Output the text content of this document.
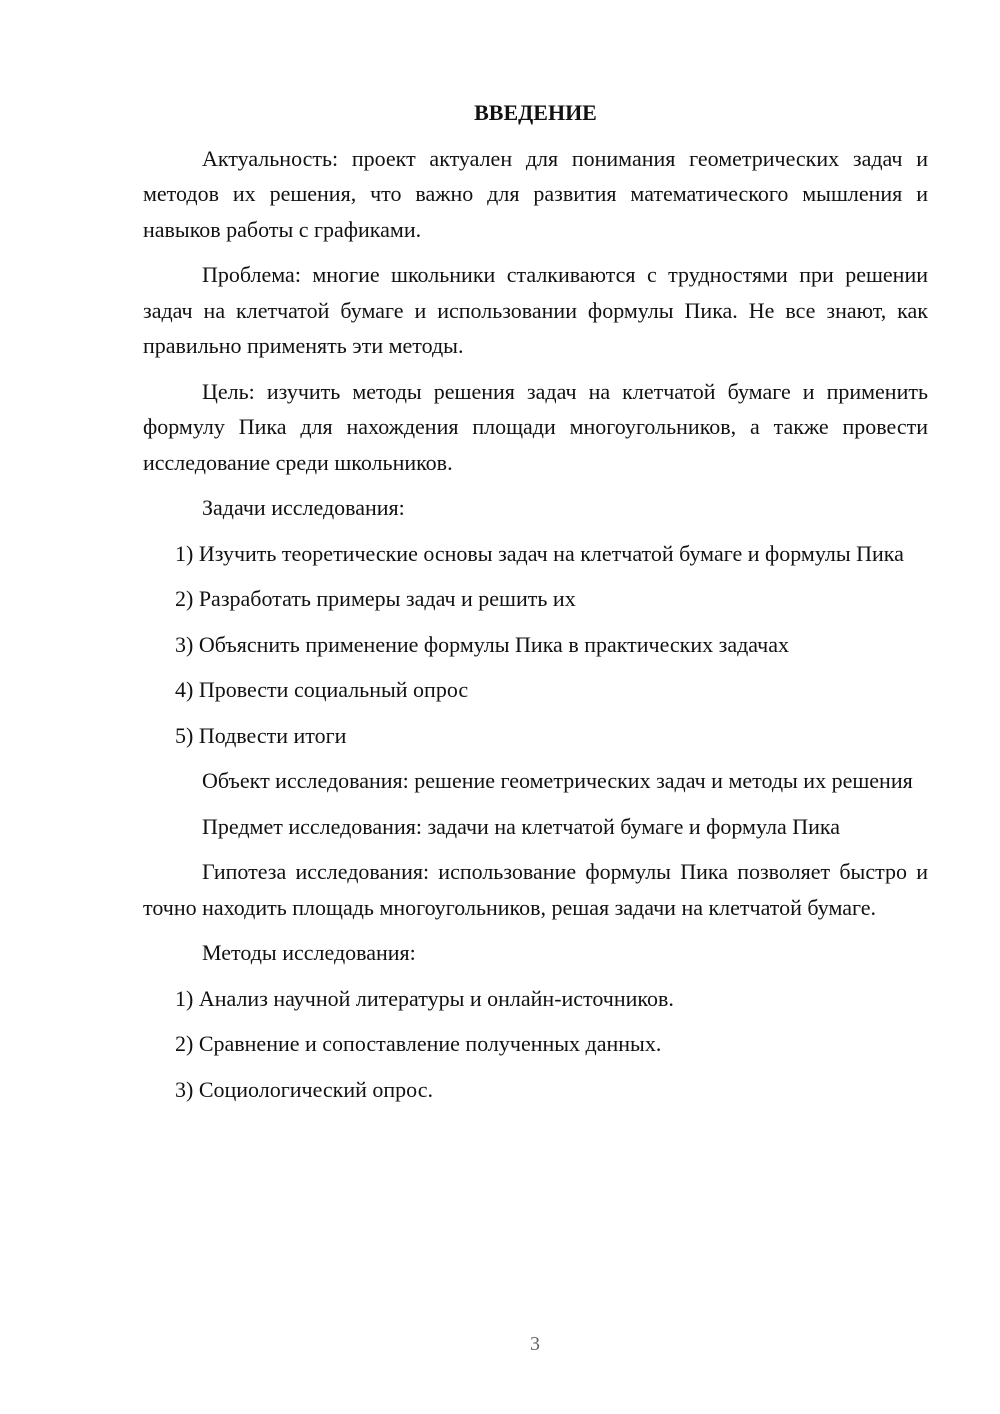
ВВЕДЕНИЕ

Актуальность: проект актуален для понимания геометрических задач и методов их решения, что важно для развития математического мышления и навыков работы с графиками.

Проблема: многие школьники сталкиваются с трудностями при решении задач на клетчатой бумаге и использовании формулы Пика. Не все знают, как правильно применять эти методы.

Цель: изучить методы решения задач на клетчатой бумаге и применить формулу Пика для нахождения площади многоугольников, а также провести исследование среди школьников.

Задачи исследования:

1) Изучить теоретические основы задач на клетчатой бумаге и формулы Пика

2) Разработать примеры задач и решить их

3) Объяснить применение формулы Пика в практических задачах

4) Провести социальный опрос

5) Подвести итоги

Объект исследования: решение геометрических задач и методы их решения

Предмет исследования: задачи на клетчатой бумаге и формула Пика

Гипотеза исследования: использование формулы Пика позволяет быстро и точно находить площадь многоугольников, решая задачи на клетчатой бумаге.

Методы исследования:

1) Анализ научной литературы и онлайн-источников.

2) Сравнение и сопоставление полученных данных.

3) Социологический опрос.

3
